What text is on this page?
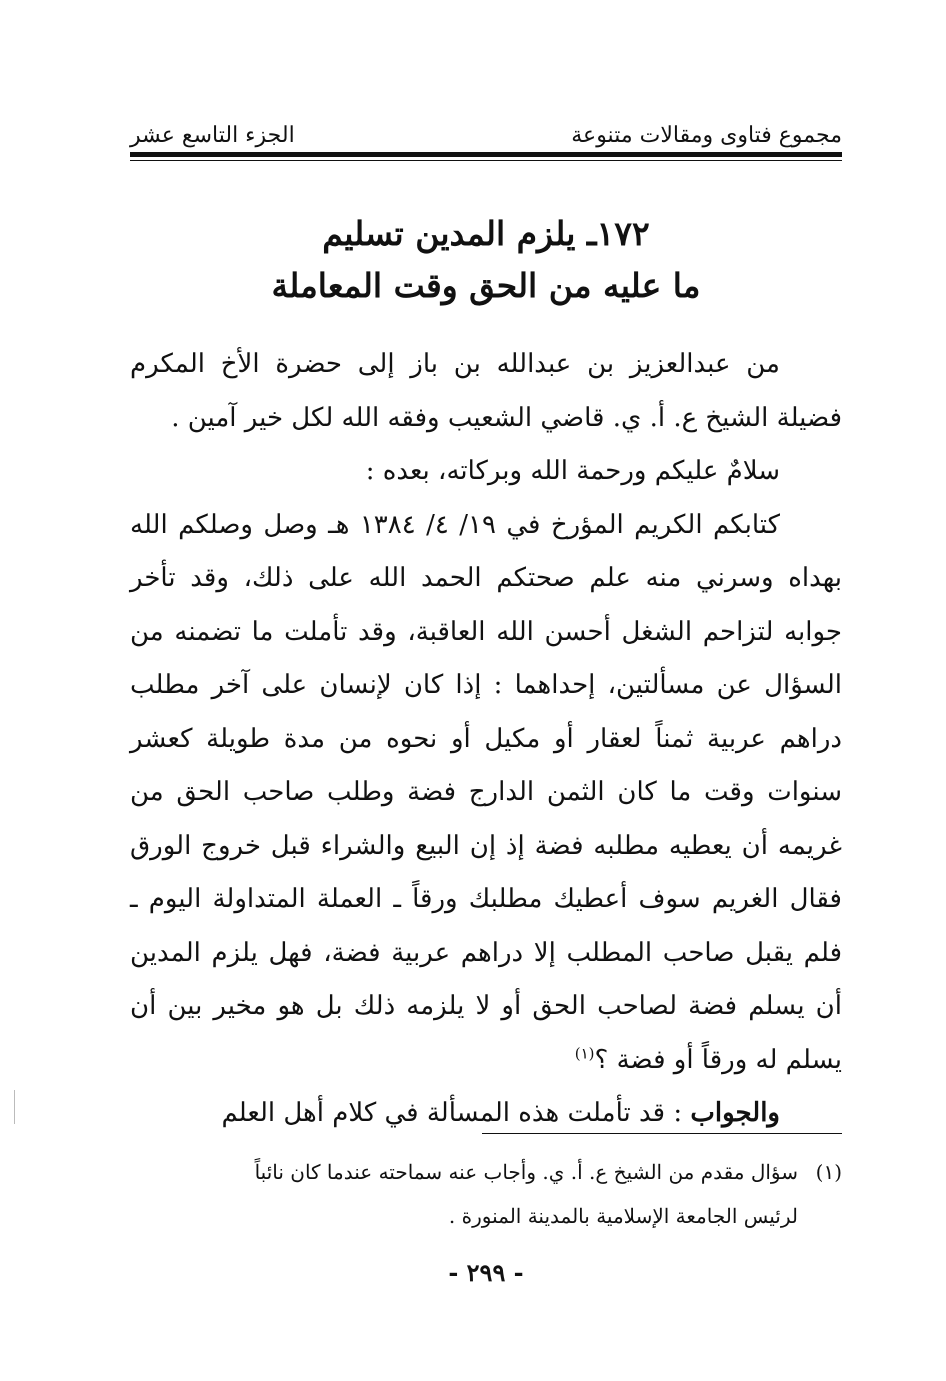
مجموع فتاوى ومقالات متنوعة
الجزء التاسع عشر
١٧٢ـ يلزم المدين تسليم
ما عليه من الحق وقت المعاملة

من عبدالعزيز بن عبدالله بن باز إلى حضرة الأخ المكرم فضيلة الشيخ ع. أ. ي. قاضي الشعيب وفقه الله لكل خير آمين .

سلامٌ عليكم ورحمة الله وبركاته، بعده :

كتابكم الكريم المؤرخ في ١٩/ ٤/ ١٣٨٤ هـ وصل وصلكم الله بهداه وسرني منه علم صحتكم الحمد الله على ذلك، وقد تأخر جوابه لتزاحم الشغل أحسن الله العاقبة، وقد تأملت ما تضمنه من السؤال عن مسألتين، إحداهما : إذا كان لإنسان على آخر مطلب دراهم عربية ثمناً لعقار أو مكيل أو نحوه من مدة طويلة كعشر سنوات وقت ما كان الثمن الدارج فضة وطلب صاحب الحق من غريمه أن يعطيه مطلبه فضة إذ إن البيع والشراء قبل خروج الورق فقال الغريم سوف أعطيك مطلبك ورقاً ـ العملة المتداولة اليوم ـ فلم يقبل صاحب المطلب إلا دراهم عربية فضة، فهل يلزم المدين أن يسلم فضة لصاحب الحق أو لا يلزمه ذلك بل هو مخير بين أن يسلم له ورقاً أو فضة ؟$^{(١)}$

والجواب : قد تأملت هذه المسألة في كلام أهل العلم

(١)سؤال مقدم من الشيخ ع. أ. ي. وأجاب عنه سماحته عندما كان نائباً

لرئيس الجامعة الإسلامية بالمدينة المنورة .

- ٢٩٩ -
